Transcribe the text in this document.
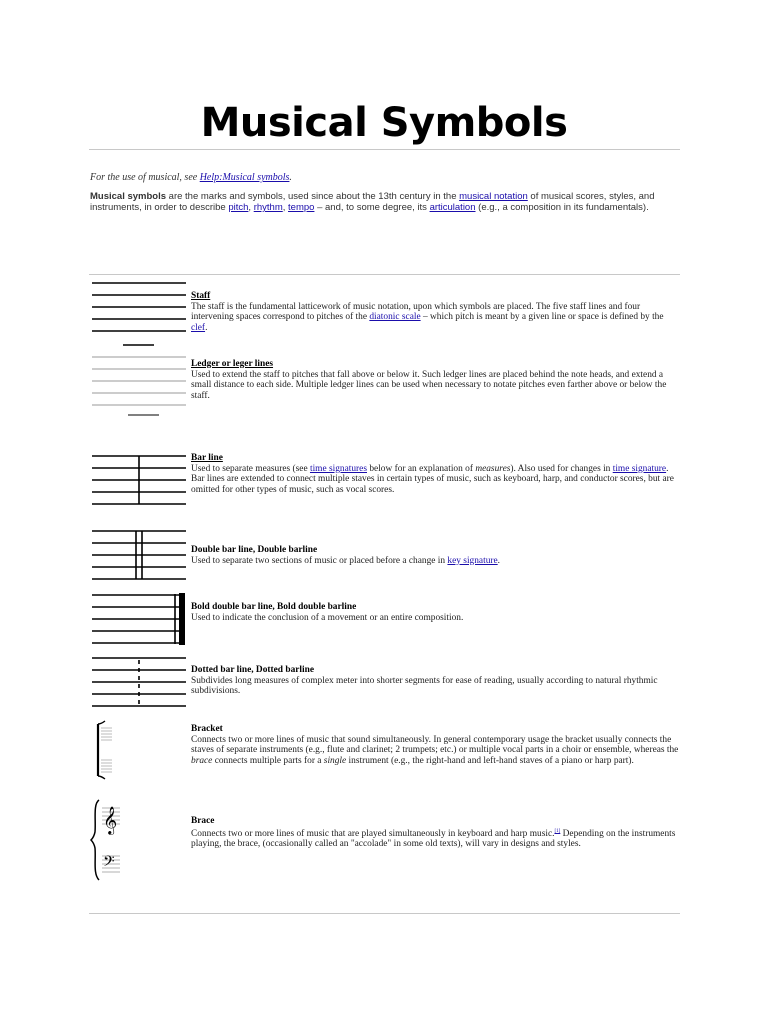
Musical Symbols
For the use of musical, see Help:Musical symbols.
Musical symbols are the marks and symbols, used since about the 13th century in the musical notation of musical scores, styles, and instruments, in order to describe pitch, rhythm, tempo – and, to some degree, its articulation (e.g., a composition in its fundamentals).
Staff
The staff is the fundamental latticework of music notation, upon which symbols are placed. The five staff lines and four intervening spaces correspond to pitches of the diatonic scale – which pitch is meant by a given line or space is defined by the clef.
Ledger or leger lines
Used to extend the staff to pitches that fall above or below it. Such ledger lines are placed behind the note heads, and extend a small distance to each side. Multiple ledger lines can be used when necessary to notate pitches even farther above or below the staff.
Bar line
Used to separate measures (see time signatures below for an explanation of measures). Also used for changes in time signature. Bar lines are extended to connect multiple staves in certain types of music, such as keyboard, harp, and conductor scores, but are omitted for other types of music, such as vocal scores.
Double bar line, Double barline
Used to separate two sections of music or placed before a change in key signature.
Bold double bar line, Bold double barline
Used to indicate the conclusion of a movement or an entire composition.
Dotted bar line, Dotted barline
Subdivides long measures of complex meter into shorter segments for ease of reading, usually according to natural rhythmic subdivisions.
Bracket
Connects two or more lines of music that sound simultaneously. In general contemporary usage the bracket usually connects the staves of separate instruments (e.g., flute and clarinet; 2 trumpets; etc.) or multiple vocal parts in a choir or ensemble, whereas the brace connects multiple parts for a single instrument (e.g., the right-hand and left-hand staves of a piano or harp part).
𝄞
𝄢
Brace
Connects two or more lines of music that are played simultaneously in keyboard and harp music.[1] Depending on the instruments playing, the brace, (occasionally called an "accolade" in some old texts), will vary in designs and styles.
